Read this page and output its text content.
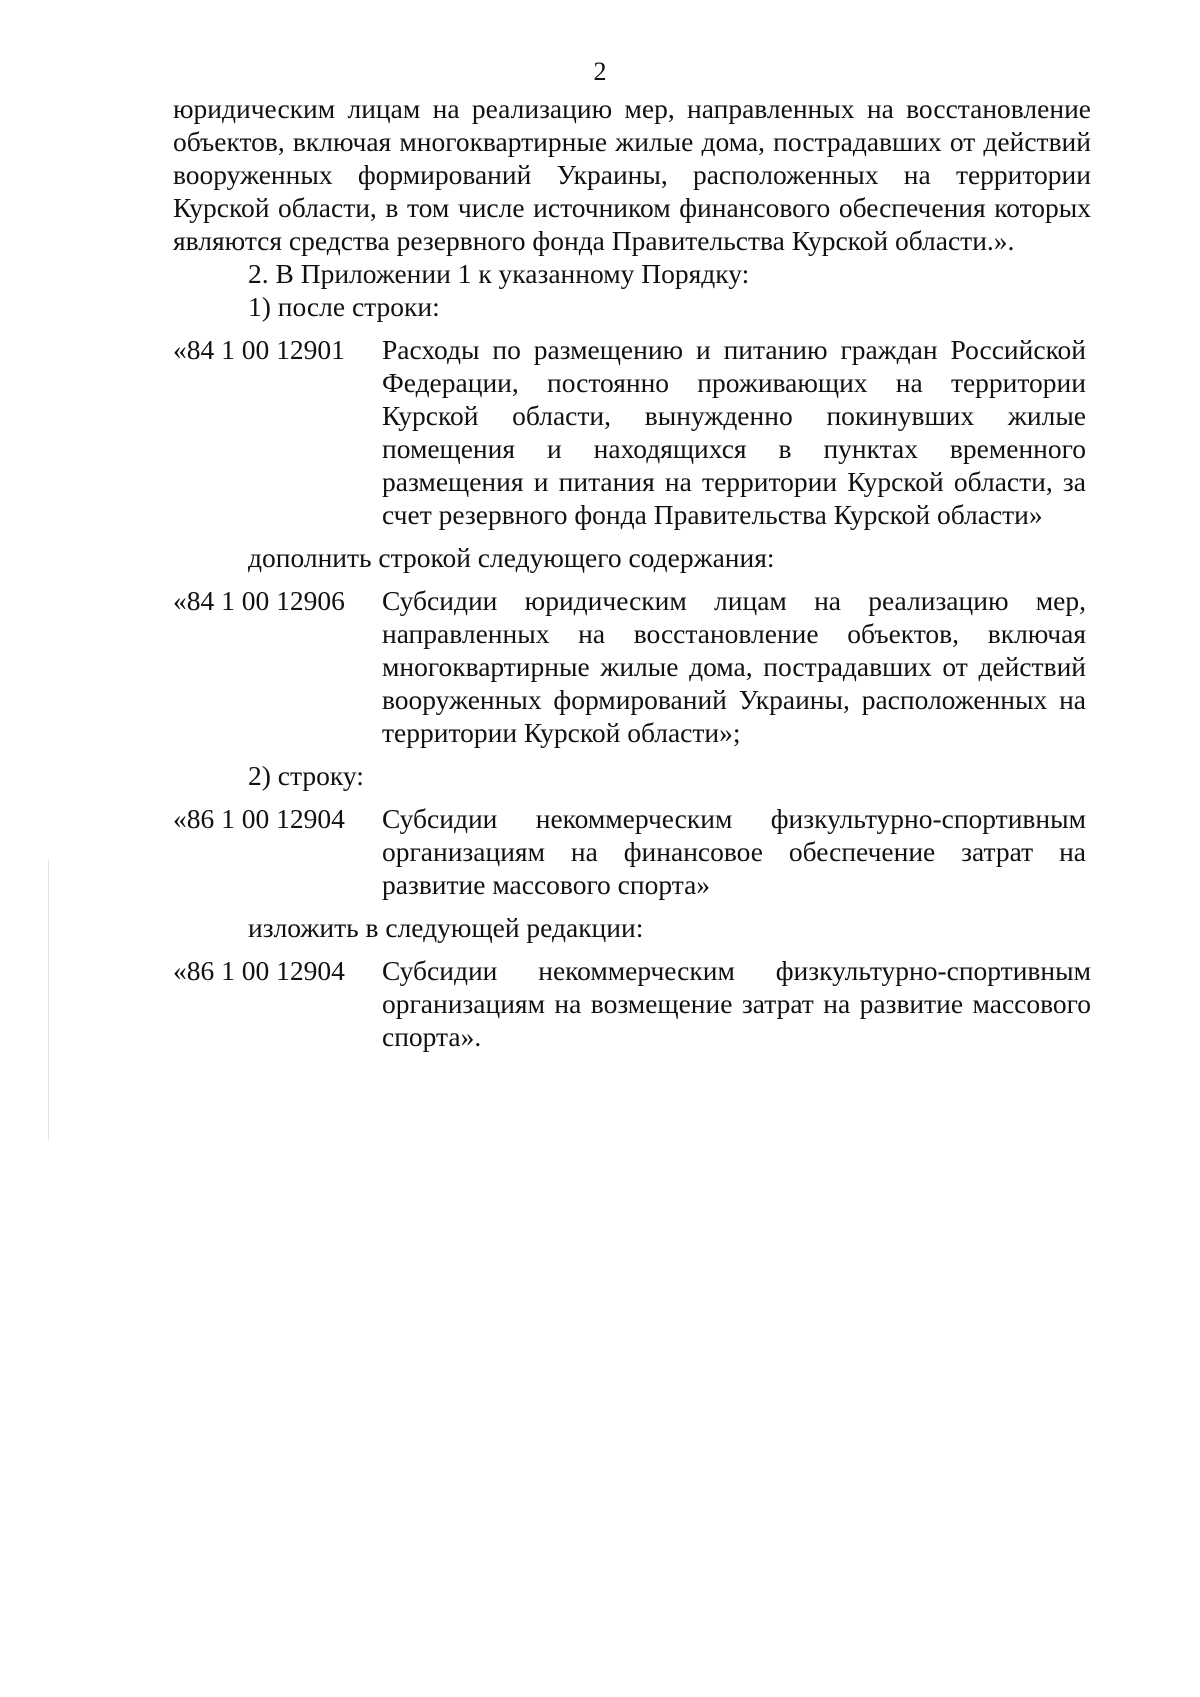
2

юридическим лицам на реализацию мер, направленных на восстановление объектов, включая многоквартирные жилые дома, пострадавших от действий вооруженных формирований Украины, расположенных на территории Курской области, в том числе источником финансового обеспечения которых являются средства резервного фонда Правительства Курской области.».

2. В Приложении 1 к указанному Порядку:

1) после строки:

«84 1 00 12901	Расходы по размещению и питанию граждан Российской Федерации, постоянно проживающих на территории Курской области, вынужденно покинувших жилые помещения и находящихся в пунктах временного размещения и питания на территории Курской области, за счет резервного фонда Правительства Курской области»

дополнить строкой следующего содержания:

«84 1 00 12906	Субсидии юридическим лицам на реализацию мер, направленных на восстановление объектов, включая многоквартирные жилые дома, пострадавших от действий вооруженных формирований Украины, расположенных на территории Курской области»;

2) строку:

«86 1 00 12904	Субсидии некоммерческим физкультурно-спортивным организациям на финансовое обеспечение затрат на развитие массового спорта»

изложить в следующей редакции:

«86 1 00 12904	Субсидии некоммерческим физкультурно-спортивным организациям на возмещение затрат на развитие массового спорта».
